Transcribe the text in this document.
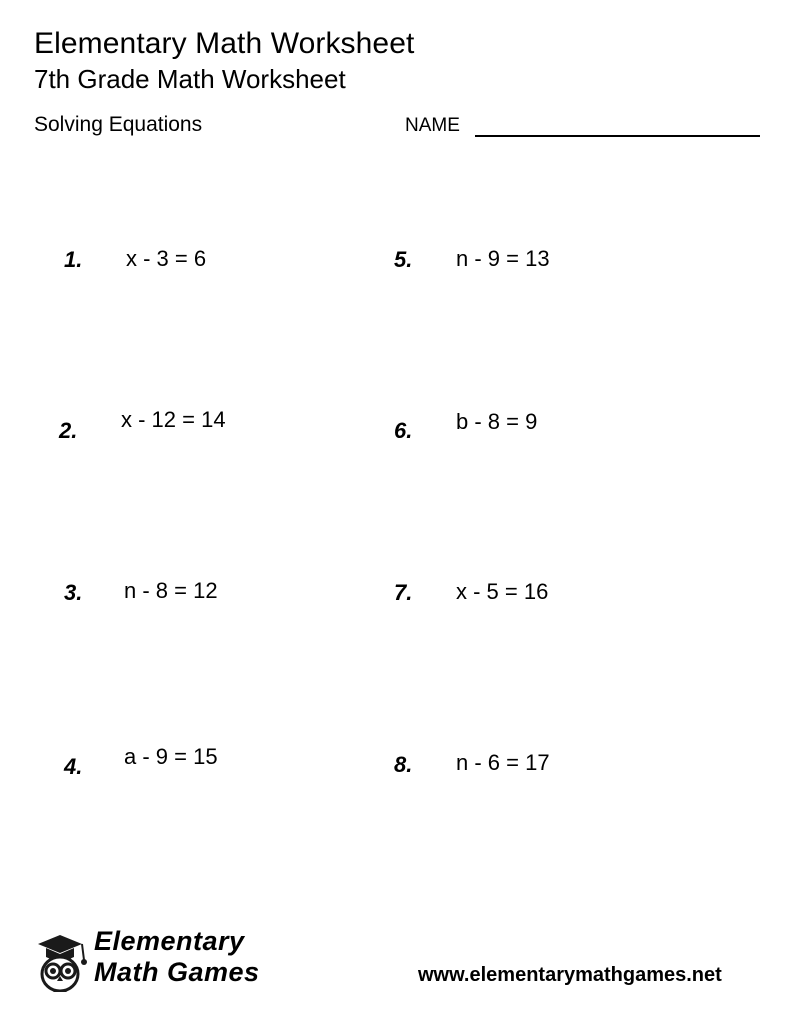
Elementary Math Worksheet
7th Grade Math Worksheet
Solving Equations	NAME
1. x - 3 = 6	5. n - 9 = 13
2. x - 12 = 14	6. b - 8 = 9
3. n - 8 = 12	7. x - 5 = 16
4. a - 9 = 15	8. n - 6 = 17
Elementary
Math Games	www.elementarymathgames.net
